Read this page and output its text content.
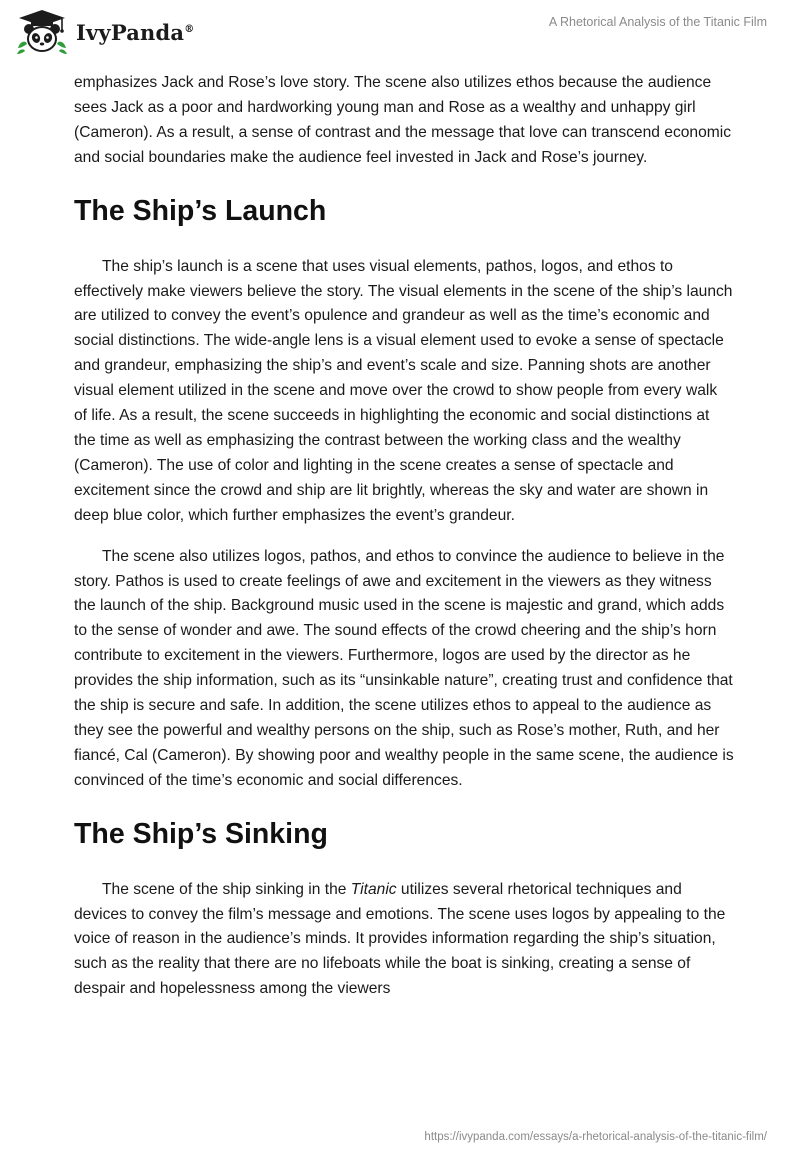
IvyPanda®	A Rhetorical Analysis of the Titanic Film

emphasizes Jack and Rose’s love story. The scene also utilizes ethos because the audience sees Jack as a poor and hardworking young man and Rose as a wealthy and unhappy girl (Cameron). As a result, a sense of contrast and the message that love can transcend economic and social boundaries make the audience feel invested in Jack and Rose’s journey.

The Ship’s Launch

The ship’s launch is a scene that uses visual elements, pathos, logos, and ethos to effectively make viewers believe the story. The visual elements in the scene of the ship’s launch are utilized to convey the event’s opulence and grandeur as well as the time’s economic and social distinctions. The wide-angle lens is a visual element used to evoke a sense of spectacle and grandeur, emphasizing the ship’s and event’s scale and size. Panning shots are another visual element utilized in the scene and move over the crowd to show people from every walk of life. As a result, the scene succeeds in highlighting the economic and social distinctions at the time as well as emphasizing the contrast between the working class and the wealthy (Cameron). The use of color and lighting in the scene creates a sense of spectacle and excitement since the crowd and ship are lit brightly, whereas the sky and water are shown in deep blue color, which further emphasizes the event’s grandeur.

The scene also utilizes logos, pathos, and ethos to convince the audience to believe in the story. Pathos is used to create feelings of awe and excitement in the viewers as they witness the launch of the ship. Background music used in the scene is majestic and grand, which adds to the sense of wonder and awe. The sound effects of the crowd cheering and the ship’s horn contribute to excitement in the viewers. Furthermore, logos are used by the director as he provides the ship information, such as its “unsinkable nature”, creating trust and confidence that the ship is secure and safe. In addition, the scene utilizes ethos to appeal to the audience as they see the powerful and wealthy persons on the ship, such as Rose’s mother, Ruth, and her fiancé, Cal (Cameron). By showing poor and wealthy people in the same scene, the audience is convinced of the time’s economic and social differences.

The Ship’s Sinking

The scene of the ship sinking in the Titanic utilizes several rhetorical techniques and devices to convey the film’s message and emotions. The scene uses logos by appealing to the voice of reason in the audience’s minds. It provides information regarding the ship’s situation, such as the reality that there are no lifeboats while the boat is sinking, creating a sense of despair and hopelessness among the viewers

https://ivypanda.com/essays/a-rhetorical-analysis-of-the-titanic-film/
